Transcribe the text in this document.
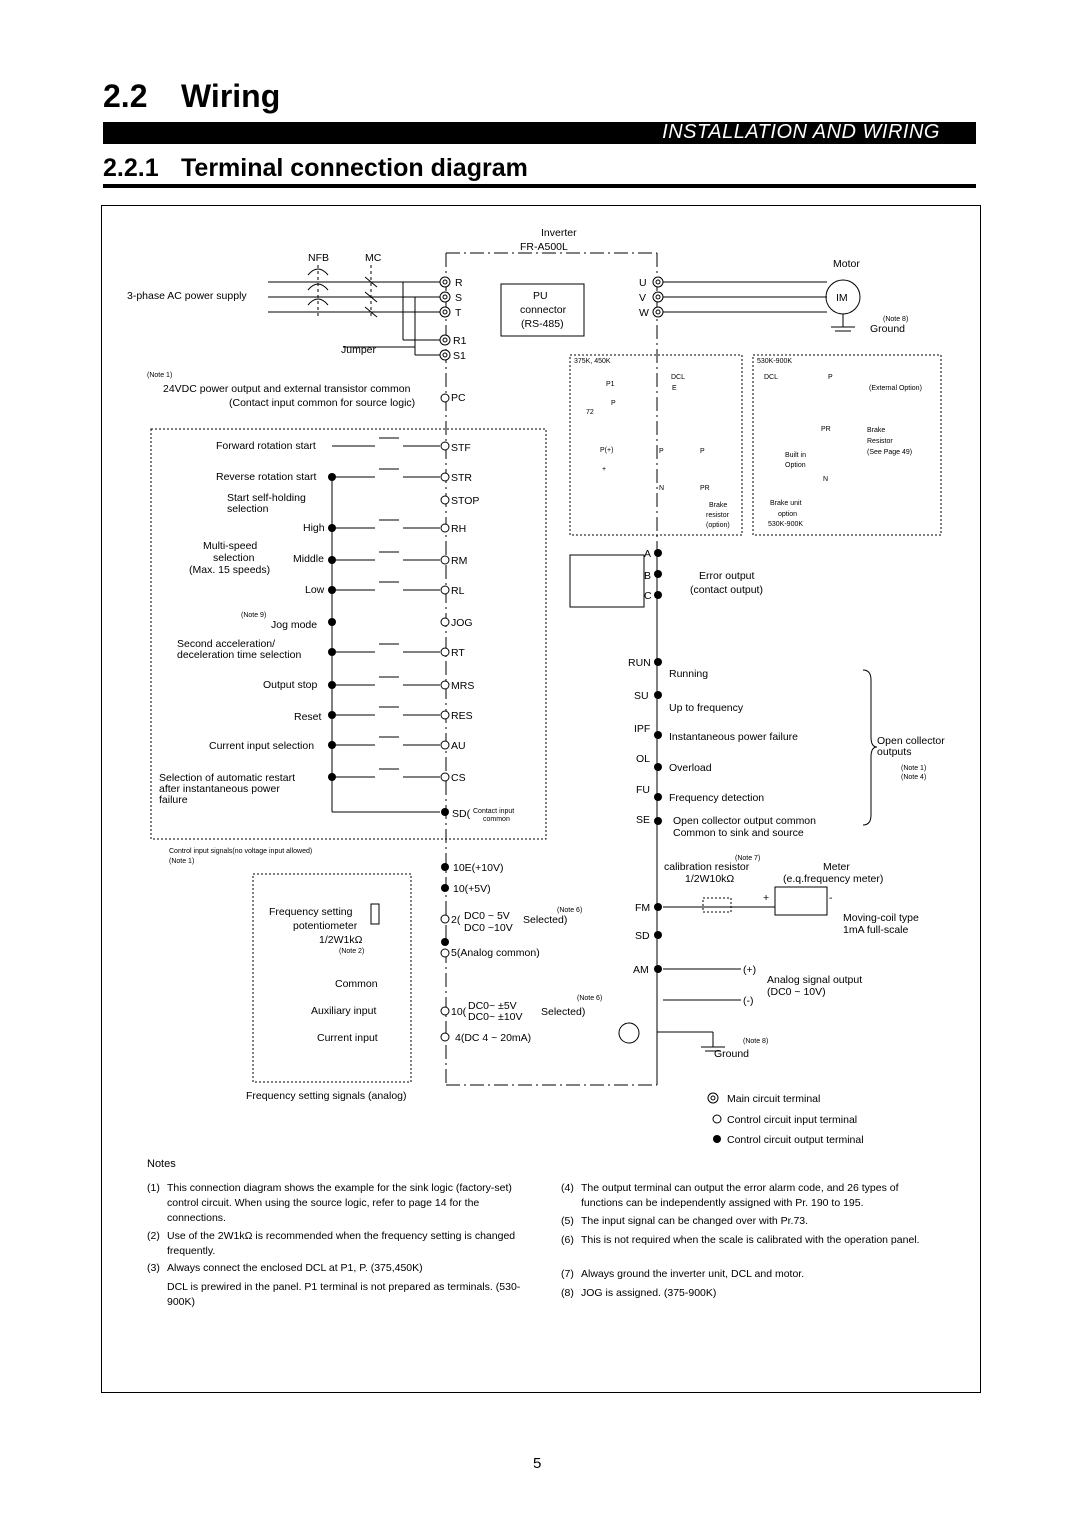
2.2 Wiring
INSTALLATION AND WIRING
2.2.1 Terminal connection diagram
Inverter
FR-A500L
NFB	MC
3-phase AC power supply
Jumper
PU
connector
(RS-485)
Motor
IM
(Note 8)
Ground
R
S
T
R1
S1
U
V
W
(Note 1)
24VDC power output and external transistor common
(Contact input common for source logic)	PC
Forward rotation start
Reverse rotation start
Start self-holding
selection
High
Multi-speed
selection
(Max. 15 speeds)
Middle
Low
(Note 9)
Jog mode
Second acceleration/
deceleration time selection
Output stop
Reset
Current input selection
Selection of automatic restart
after instantaneous power
failure
STF
STR
STOP
RH
RM
RL
JOG
RT
MRS
RES
AU
CS
SD( Contact input
common
Control input signals(no voltage input allowed)
(Note 1)
375K, 450K
P1
P
72
DCL
E
P(+)
+
P	P
N	PR
Brake
resistor
(option)
530K-900K
DCL	P
(External Option)
PR	Brake
Resistor
(See Page 49)
Built in
Option
N
Brake unit
option
530K-900K
A
B
C
Error output
(contact output)
RUN
SU
IPF
OL
FU
SE
Running
Up to frequency
Instantaneous power failure
Overload
Frequency detection
Open collector output common
Common to sink and source
Open collector
outputs
(Note 1)
(Note 4)
10E(+10V)
10(+5V)
2( DC0 ~ 5V
DC0 ~10V
Selected)
(Note 6)
5(Analog common)
Frequency setting
potentiometer
1/2W1kΩ
(Note 2)
Common
Auxiliary input
Current input
10( DC0~ ±5V
DC0~ ±10V Selected)
(Note 6)
4(DC 4 ~ 20mA)
Frequency setting signals (analog)
(Note 7)
calibration resistor
1/2W10kΩ
Meter
(e.q.frequency meter)
+	-
FM
SD
AM
Moving-coil type
1mA full-scale
(+)
(-)
Analog signal output
(DC0 ~ 10V)
(Note 8)
Ground
Main circuit terminal
Control circuit input terminal
Control circuit output terminal
Notes
(1) This connection diagram shows the example for the sink logic (factory-set) control circuit. When using the source logic, refer to page 14 for the connections.
(2) Use of the 2W1kΩ is recommended when the frequency setting is changed frequently.
(3) Always connect the enclosed DCL at P1, P. (375,450K)
DCL is prewired in the panel. P1 terminal is not prepared as terminals. (530-900K)
(4) The output terminal can output the error alarm code, and 26 types of functions can be independently assigned with Pr. 190 to 195.
(5) The input signal can be changed over with Pr.73.
(6) This is not required when the scale is calibrated with the operation panel.
(7) Always ground the inverter unit, DCL and motor.
(8) JOG is assigned. (375-900K)
5
